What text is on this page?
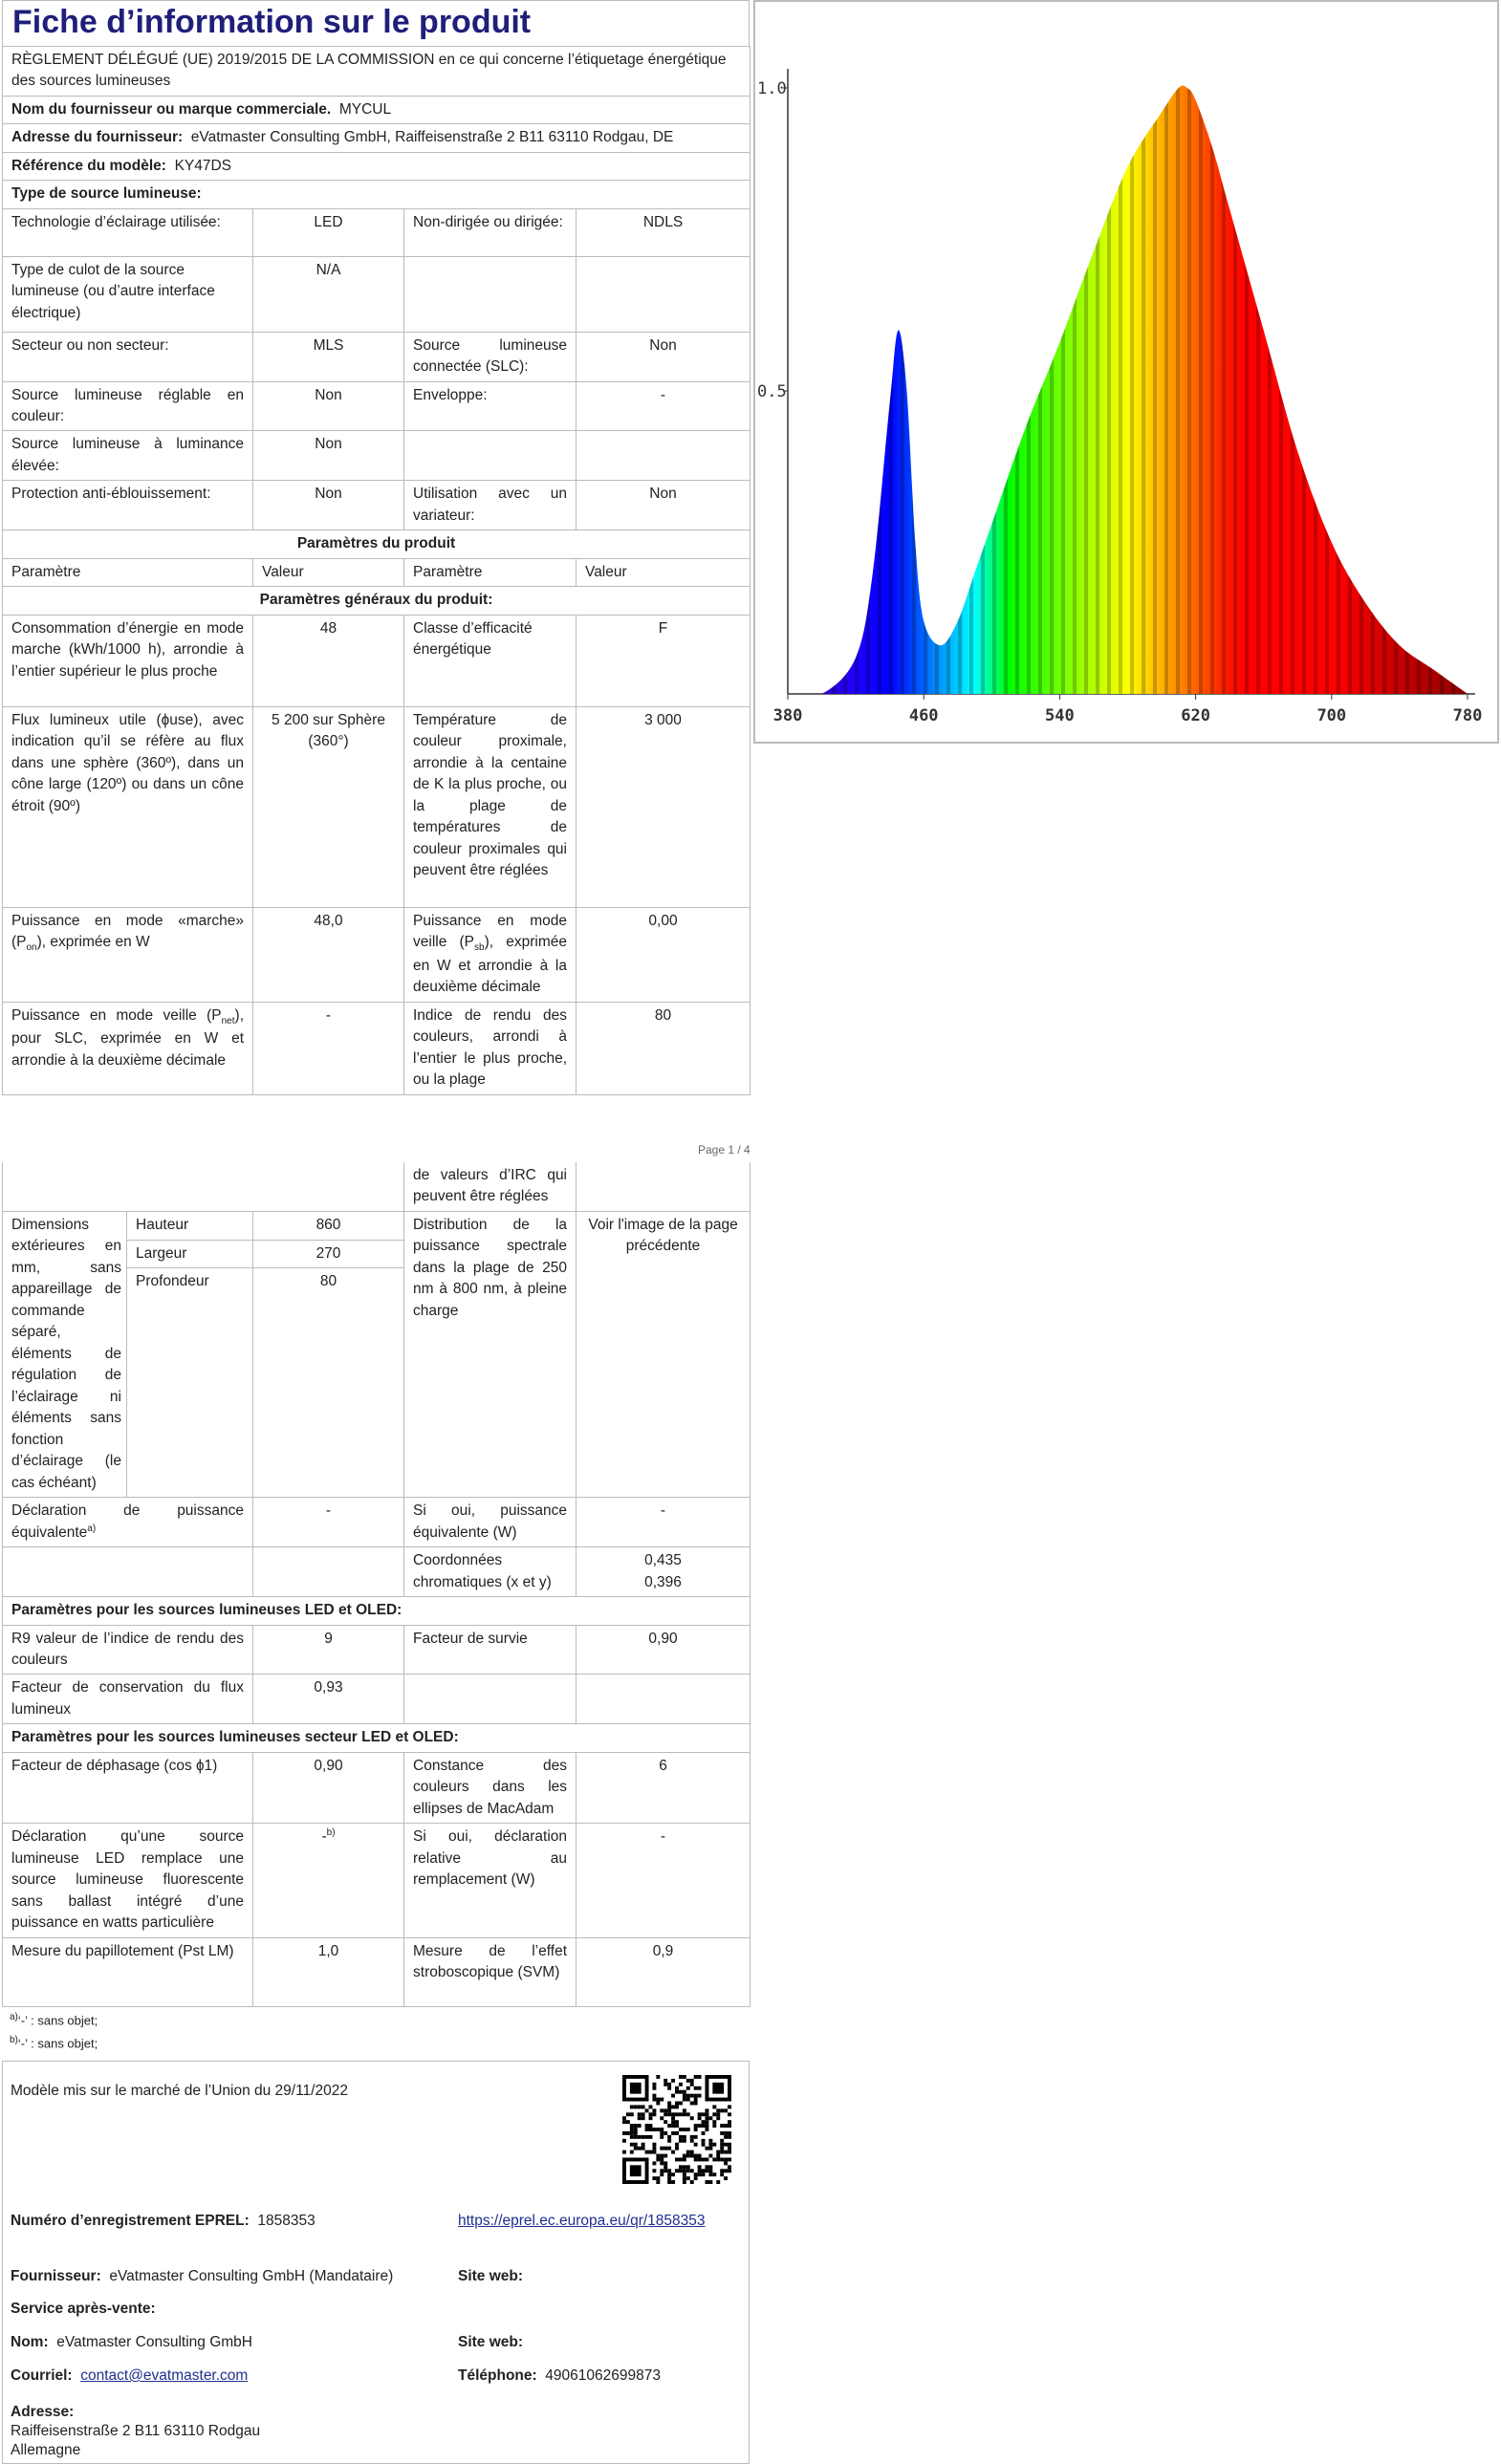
Fiche d’information sur le produit
RÈGLEMENT DÉLÉGUÉ (UE) 2019/2015 DE LA COMMISSION en ce qui concerne l’étiquetage énergétique des sources lumineuses			
Nom du fournisseur ou marque commerciale. MYCUL			
Adresse du fournisseur: eVatmaster Consulting GmbH, Raiffeisenstraße 2 B11 63110 Rodgau, DE			
Référence du modèle: KY47DS			
Type de source lumineuse:			
Technologie d’éclairage utilisée:	LED	Non-dirigée ou dirigée:	NDLS
Type de culot de la source lumineuse (ou d’autre interface électrique)	N/A		
Secteur ou non secteur:	MLS	Source lumineuse connectée (SLC):	Non
Source lumineuse réglable en couleur:	Non	Enveloppe:	-
Source lumineuse à luminance élevée:	Non		
Protection anti-éblouissement:	Non	Utilisation avec un variateur:	Non
Paramètres du produit			
Paramètre	Valeur	Paramètre	Valeur
Paramètres généraux du produit:			
Consommation d’énergie en mode marche (kWh/1000 h), arrondie à l’entier supérieur le plus proche	48	Classe d’efficacité énergétique	F
Flux lumineux utile (ɸuse), avec indication qu’il se réfère au flux dans une sphère (360º), dans un cône large (120º) ou dans un cône étroit (90º)	5 200 sur Sphère (360°)	Température de couleur proximale, arrondie à la centaine de K la plus proche, ou la plage de températures de couleur proximales qui peuvent être réglées	3 000
Puissance en mode «marche» $(P_{on})$, exprimée en W	48,0	Puissance en mode veille $(P_{sb})$, exprimée en W et arrondie à la deuxième décimale	0,00
Puissance en mode veille $(P_{net})$, pour SLC, exprimée en W et arrondie à la deuxième décimale	-	Indice de rendu des couleurs, arrondi à l’entier le plus proche, ou la plage	80
380	460	540	620	700	780
0.5
1.0
Page 1 / 4
			de valeurs d’IRC qui peuvent être réglées	
Dimensions extérieures en mm, sans appareillage de commande séparé, éléments de régulation de l’éclairage ni éléments sans fonction d’éclairage (le cas échéant)	Hauteur	860	Distribution de la puissance spectrale dans la plage de 250 nm à 800 nm, à pleine charge	Voir l'image de la page précédente
	Largeur	270		
	Profondeur	80		
Déclaration de puissance équivalente$^{a)}$		-	Si oui, puissance équivalente (W)	-
			Coordonnées chromatiques (x et y)	0,435
0,396

Paramètres pour les sources lumineuses LED et OLED:				
R9 valeur de l’indice de rendu des couleurs		9	Facteur de survie	0,90
Facteur de conservation du flux lumineux		0,93		
Paramètres pour les sources lumineuses secteur LED et OLED:				
Facteur de déphasage (cos ɸ1)		0,90	Constance des couleurs dans les ellipses de MacAdam	6
Déclaration qu’une source lumineuse LED remplace une source lumineuse fluorescente sans ballast intégré d’une puissance en watts particulière		-$^{b)}$	Si oui, déclaration relative au remplacement (W)	-
Mesure du papillotement (Pst LM)		1,0	Mesure de l’effet stroboscopique (SVM)	0,9
$^{a)}$‘-’ : sans objet;
$^{b)}$‘-’ : sans objet;
Modèle mis sur le marché de l’Union du 29/11/2022
Numéro d’enregistrement EPREL: 1858353	https://eprel.ec.europa.eu/qr/1858353
Fournisseur: eVatmaster Consulting GmbH (Mandataire)	Site web:
Service après-vente:
Nom: eVatmaster Consulting GmbH	Site web:
Courriel: contact@evatmaster.com	Téléphone: 49061062699873
Adresse:
Raiffeisenstraße 2 B11 63110 Rodgau
Allemagne
